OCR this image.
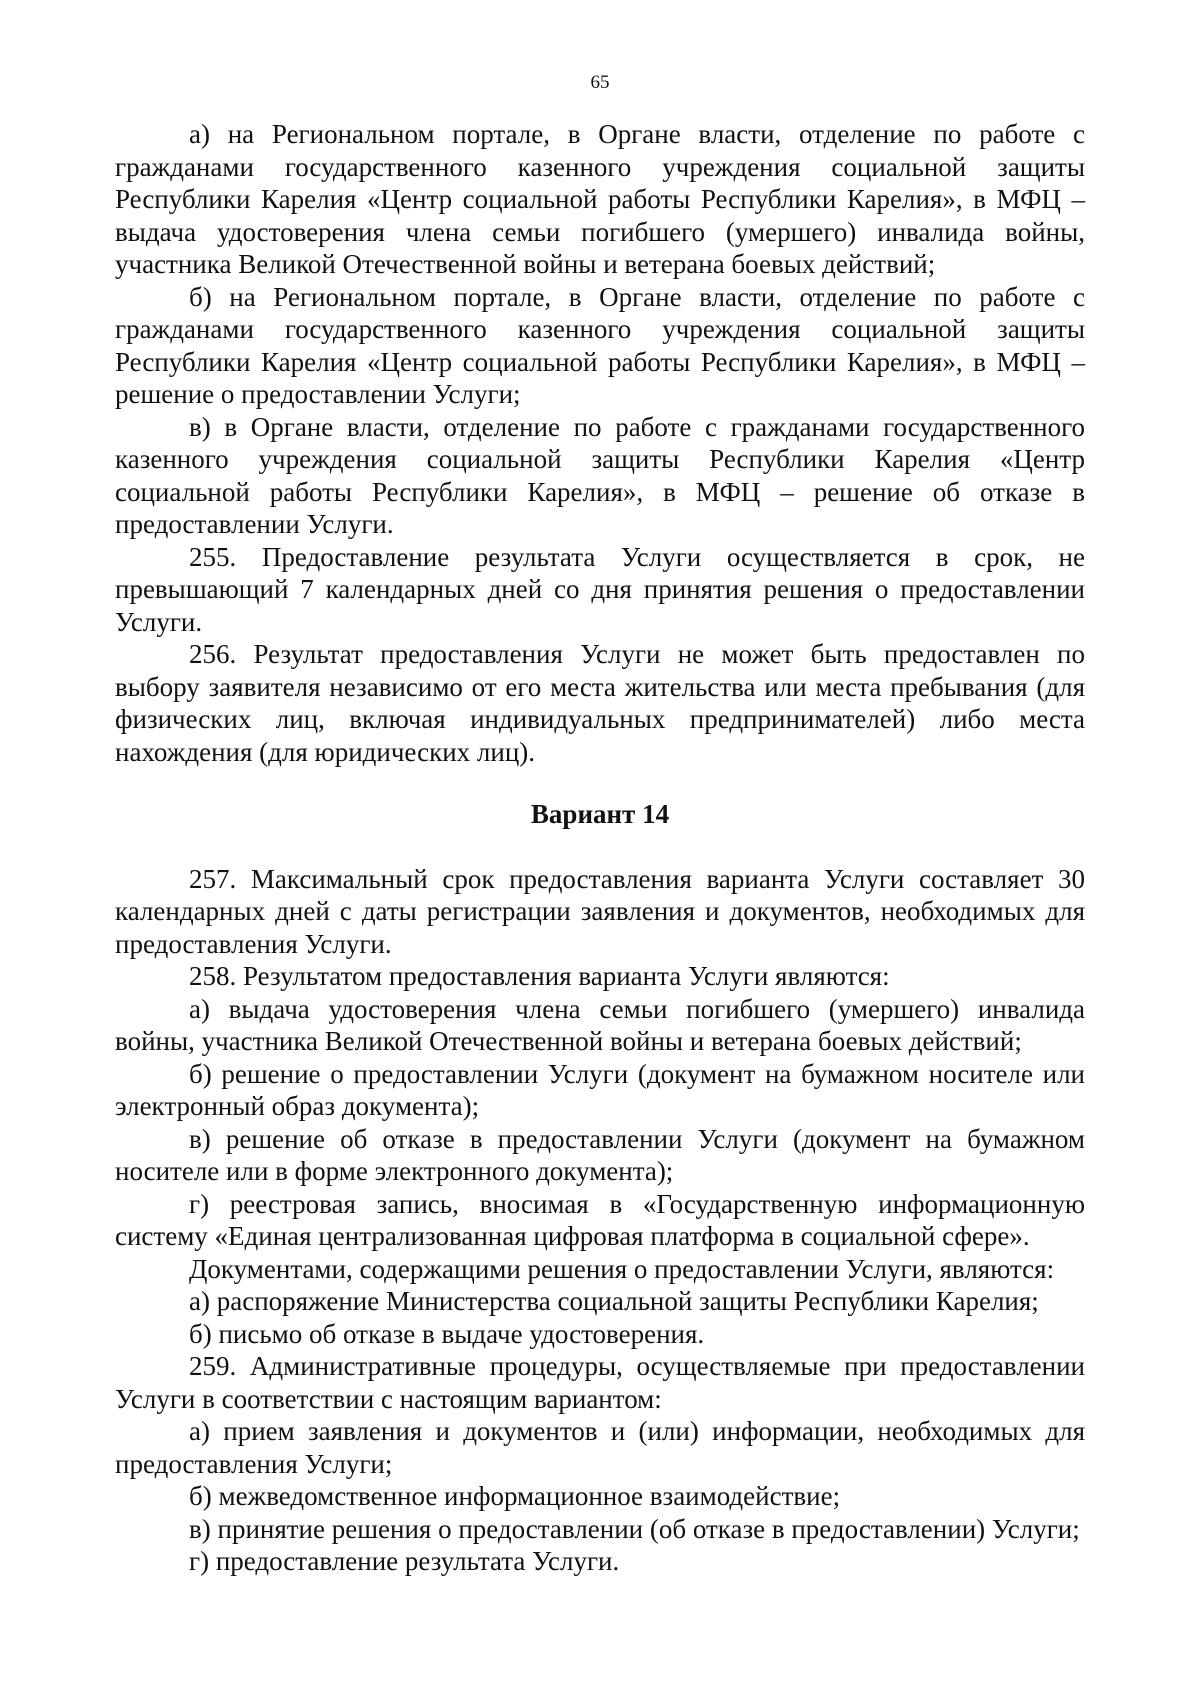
65

а) на Региональном портале, в Органе власти, отделение по работе с гражданами государственного казенного учреждения социальной защиты Республики Карелия «Центр социальной работы Республики Карелия», в МФЦ – выдача удостоверения члена семьи погибшего (умершего) инвалида войны, участника Великой Отечественной войны и ветерана боевых действий;

б) на Региональном портале, в Органе власти, отделение по работе с гражданами государственного казенного учреждения социальной защиты Республики Карелия «Центр социальной работы Республики Карелия», в МФЦ – решение о предоставлении Услуги;

в) в Органе власти, отделение по работе с гражданами государственного казенного учреждения социальной защиты Республики Карелия «Центр социальной работы Республики Карелия», в МФЦ – решение об отказе в предоставлении Услуги.

255. Предоставление результата Услуги осуществляется в срок, не превышающий 7 календарных дней со дня принятия решения о предоставлении Услуги.

256. Результат предоставления Услуги не может быть предоставлен по выбору заявителя независимо от его места жительства или места пребывания (для физических лиц, включая индивидуальных предпринимателей) либо места нахождения (для юридических лиц).

Вариант 14

257. Максимальный срок предоставления варианта Услуги составляет 30 календарных дней с даты регистрации заявления и документов, необходимых для предоставления Услуги.

258. Результатом предоставления варианта Услуги являются:

а) выдача удостоверения члена семьи погибшего (умершего) инвалида войны, участника Великой Отечественной войны и ветерана боевых действий;

б) решение о предоставлении Услуги (документ на бумажном носителе или электронный образ документа);

в) решение об отказе в предоставлении Услуги (документ на бумажном носителе или в форме электронного документа);

г) реестровая запись, вносимая в «Государственную информационную систему «Единая централизованная цифровая платформа в социальной сфере».

Документами, содержащими решения о предоставлении Услуги, являются:

а) распоряжение Министерства социальной защиты Республики Карелия;

б) письмо об отказе в выдаче удостоверения.

259. Административные процедуры, осуществляемые при предоставлении Услуги в соответствии с настоящим вариантом:

а) прием заявления и документов и (или) информации, необходимых для предоставления Услуги;

б) межведомственное информационное взаимодействие;

в) принятие решения о предоставлении (об отказе в предоставлении) Услуги;

г) предоставление результата Услуги.
